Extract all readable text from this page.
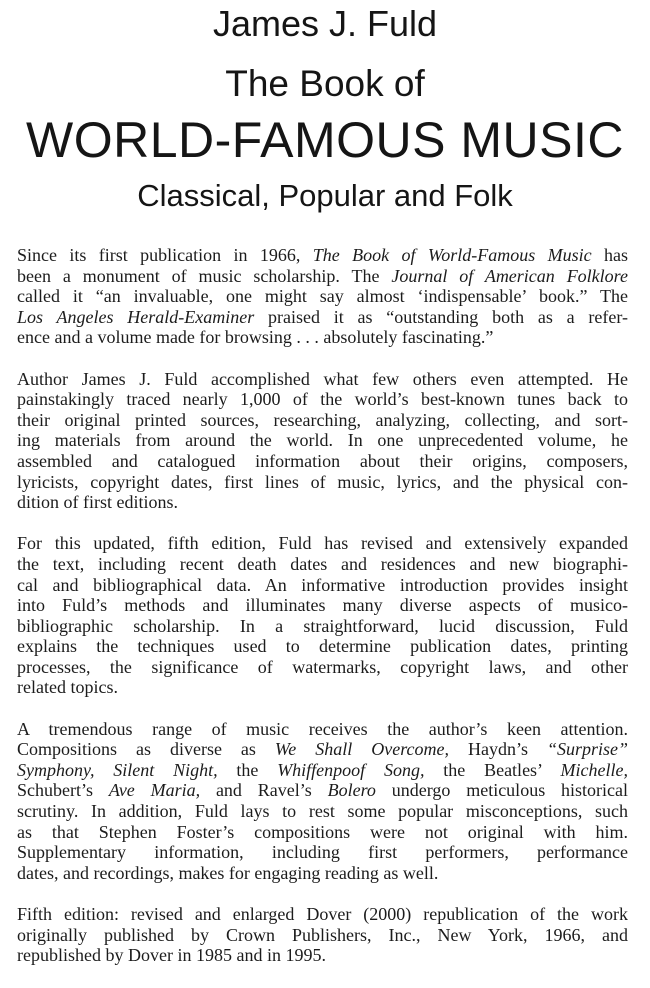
James J. Fuld
The Book of
WORLD-FAMOUS MUSIC
Classical, Popular and Folk
Since its first publication in 1966, The Book of World-Famous Music has
been a monument of music scholarship. The Journal of American Folklore
called it “an invaluable, one might say almost ‘indispensable’ book.” The
Los Angeles Herald-Examiner praised it as “outstanding both as a refer-
ence and a volume made for browsing . . . absolutely fascinating.”
Author James J. Fuld accomplished what few others even attempted. He
painstakingly traced nearly 1,000 of the world’s best-known tunes back to
their original printed sources, researching, analyzing, collecting, and sort-
ing materials from around the world. In one unprecedented volume, he
assembled and catalogued information about their origins, composers,
lyricists, copyright dates, first lines of music, lyrics, and the physical con-
dition of first editions.
For this updated, fifth edition, Fuld has revised and extensively expanded
the text, including recent death dates and residences and new biographi-
cal and bibliographical data. An informative introduction provides insight
into Fuld’s methods and illuminates many diverse aspects of musico-
bibliographic scholarship. In a straightforward, lucid discussion, Fuld
explains the techniques used to determine publication dates, printing
processes, the significance of watermarks, copyright laws, and other
related topics.
A tremendous range of music receives the author’s keen attention.
Compositions as diverse as We Shall Overcome, Haydn’s “Surprise”
Symphony, Silent Night, the Whiffenpoof Song, the Beatles’ Michelle,
Schubert’s Ave Maria, and Ravel’s Bolero undergo meticulous historical
scrutiny. In addition, Fuld lays to rest some popular misconceptions, such
as that Stephen Foster’s compositions were not original with him.
Supplementary information, including first performers, performance
dates, and recordings, makes for engaging reading as well.
Fifth edition: revised and enlarged Dover (2000) republication of the work
originally published by Crown Publishers, Inc., New York, 1966, and
republished by Dover in 1985 and in 1995.
